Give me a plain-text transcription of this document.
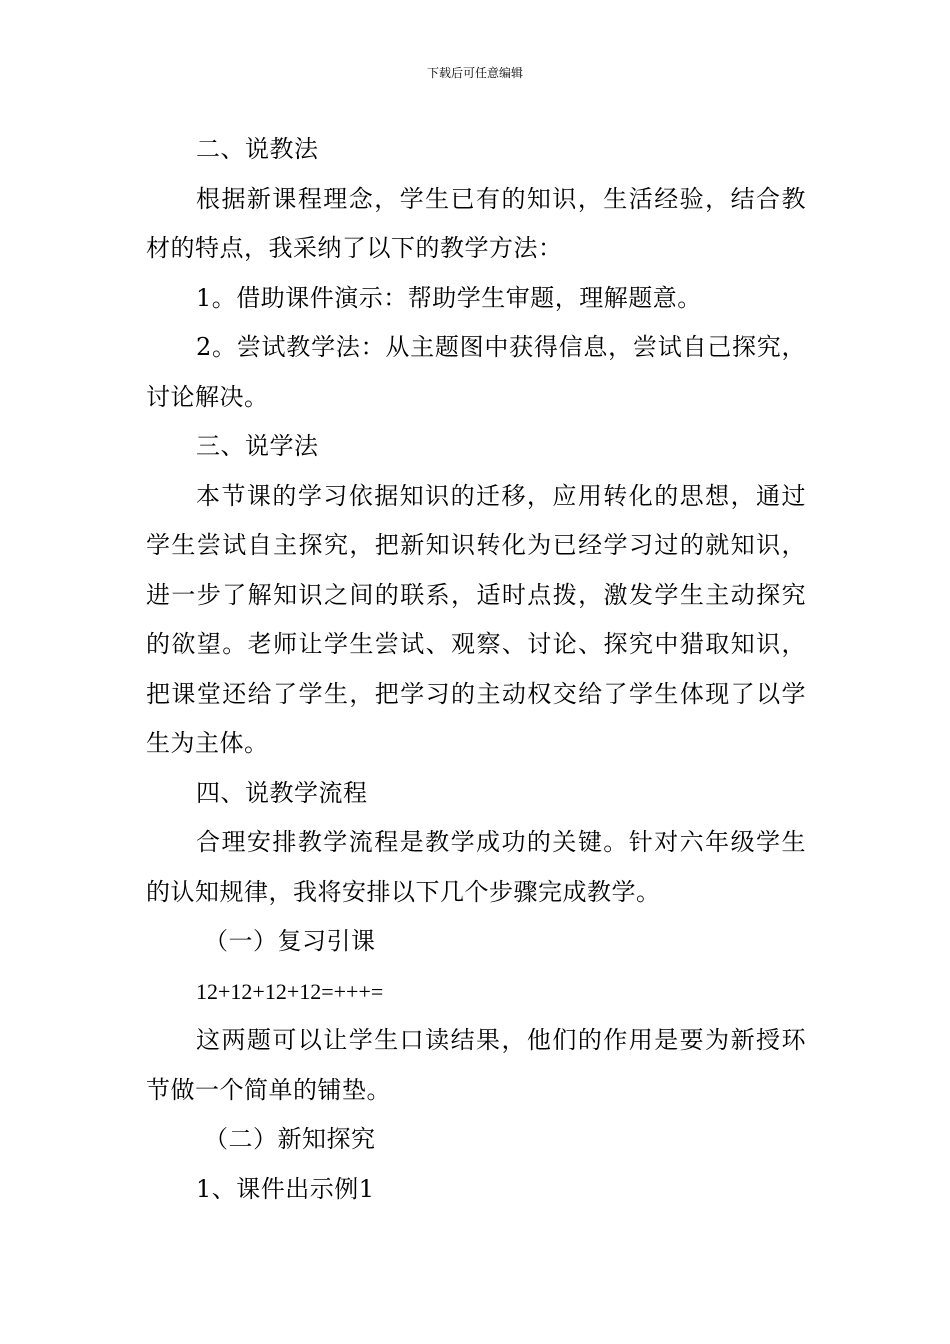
下载后可任意编辑

二、说教法

根据新课程理念，学生已有的知识，生活经验，结合教材的特点，我采纳了以下的教学方法：

1。借助课件演示：帮助学生审题，理解题意。

2。尝试教学法：从主题图中获得信息，尝试自己探究，讨论解决。

三、说学法

本节课的学习依据知识的迁移，应用转化的思想，通过学生尝试自主探究，把新知识转化为已经学习过的就知识，进一步了解知识之间的联系，适时点拨，激发学生主动探究的欲望。老师让学生尝试、观察、讨论、探究中猎取知识，把课堂还给了学生，把学习的主动权交给了学生体现了以学生为主体。

四、说教学流程

合理安排教学流程是教学成功的关键。针对六年级学生的认知规律，我将安排以下几个步骤完成教学。

（一）复习引课

12+12+12+12=+++=

这两题可以让学生口读结果，他们的作用是要为新授环节做一个简单的铺垫。

（二）新知探究

1、课件出示例1
